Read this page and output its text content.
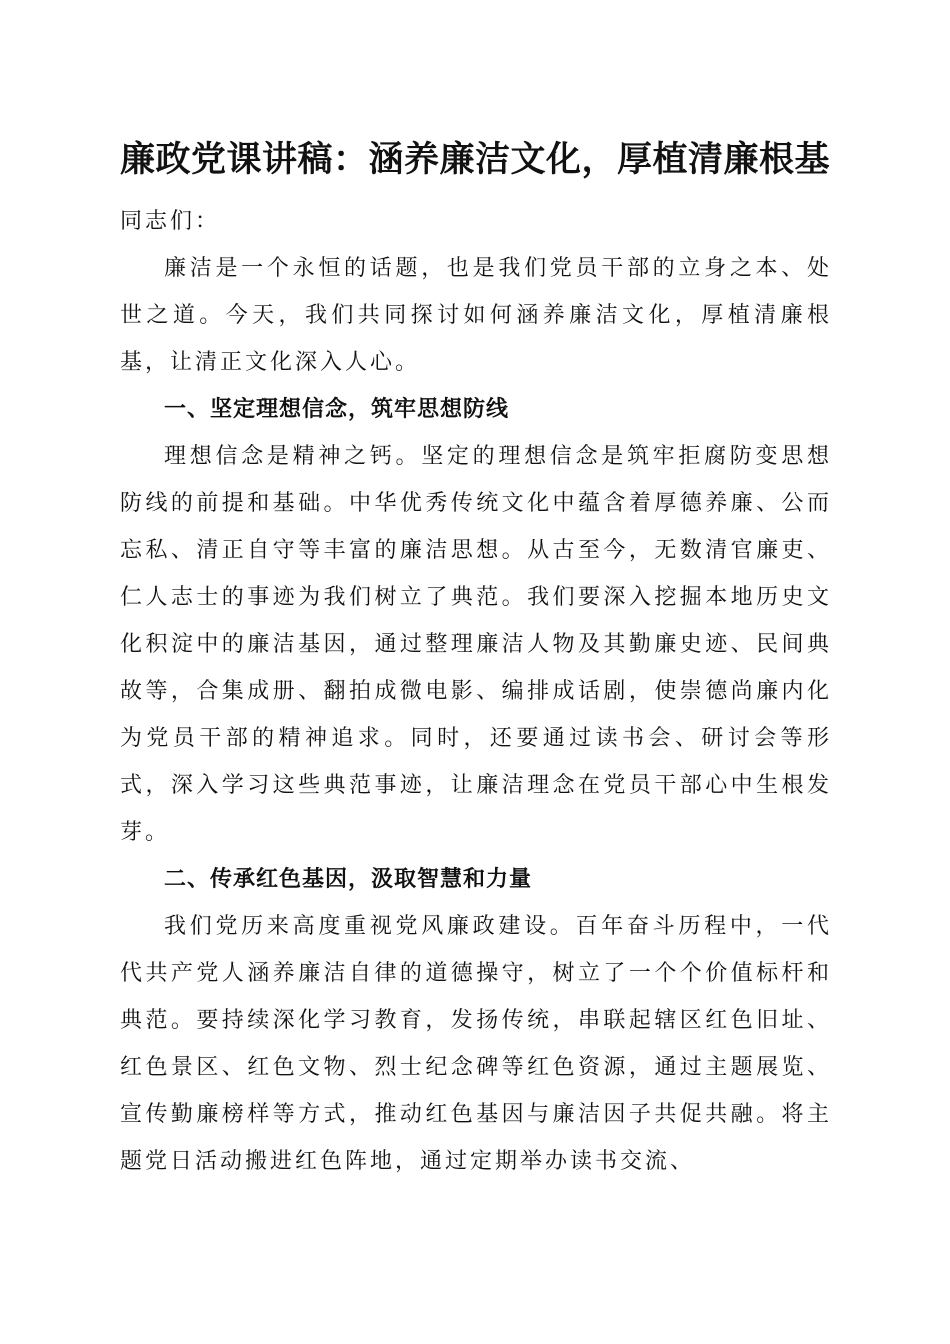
廉政党课讲稿：涵养廉洁文化，厚植清廉根基

同志们：

廉洁是一个永恒的话题，也是我们党员干部的立身之本、处世之道。今天，我们共同探讨如何涵养廉洁文化，厚植清廉根基，让清正文化深入人心。

一、坚定理想信念，筑牢思想防线

理想信念是精神之钙。坚定的理想信念是筑牢拒腐防变思想防线的前提和基础。中华优秀传统文化中蕴含着厚德养廉、公而忘私、清正自守等丰富的廉洁思想。从古至今，无数清官廉吏、仁人志士的事迹为我们树立了典范。我们要深入挖掘本地历史文化积淀中的廉洁基因，通过整理廉洁人物及其勤廉史迹、民间典故等，合集成册、翻拍成微电影、编排成话剧，使崇德尚廉内化为党员干部的精神追求。同时，还要通过读书会、研讨会等形式，深入学习这些典范事迹，让廉洁理念在党员干部心中生根发芽。

二、传承红色基因，汲取智慧和力量

我们党历来高度重视党风廉政建设。百年奋斗历程中，一代代共产党人涵养廉洁自律的道德操守，树立了一个个价值标杆和典范。要持续深化学习教育，发扬传统，串联起辖区红色旧址、红色景区、红色文物、烈士纪念碑等红色资源，通过主题展览、宣传勤廉榜样等方式，推动红色基因与廉洁因子共促共融。将主题党日活动搬进红色阵地，通过定期举办读书交流、
